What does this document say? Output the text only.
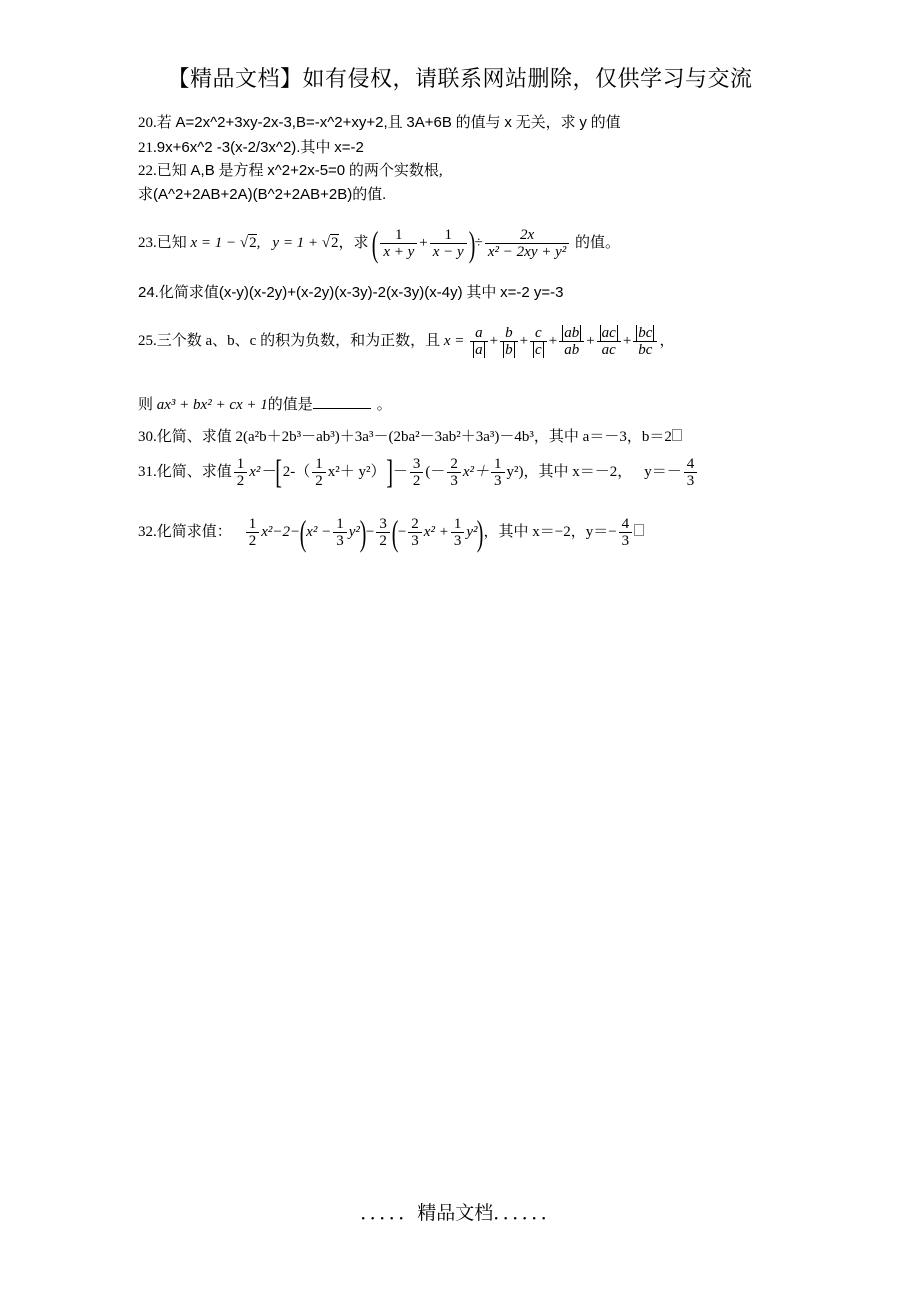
【精品文档】如有侵权，请联系网站删除，仅供学习与交流
20.若 A=2x^2+3xy-2x-3,B=-x^2+xy+2,且 3A+6B 的值与 x 无关，求 y 的值
21.9x+6x^2 -3(x-2/3x^2).其中 x=-2
22.已知 A,B 是方程 x^2+2x-5=0 的两个实数根,
求(A^2+2AB+2A)(B^2+2AB+2B)的值.
23.已知 x = 1 − √2, y = 1 + √2，求 ( $\frac{1}{x + y} + \frac{1}{x - y}$ )÷ $\frac{2x}{\text{x² − 2xy + y²}}$ 的值。
24.化简求值(x-y)(x-2y)+(x-2y)(x-3y)-2(x-3y)(x-4y) 其中 x=-2 y=-3
25.三个数 a、b、c 的积为负数，和为正数，且 $x = \frac{a}{a} + \frac{b}{b} + \frac{c}{c} + \frac{ab}{ab} + \frac{ac}{ac} + \frac{bc}{bc}$ ，
则 ax³ + bx² + cx + 1的值是	。
30.化简、求值 2(a²b＋2b³－ab³)＋3a³－(2ba²－3ab²＋3a³)－4b³，其中 a＝－3，b＝2
31.化简、求值 $\frac{1}{2} x^2-[2-( \frac{1}{2} x^2+ y^2)]- \frac{3}{2}$ (－ $\frac{2}{3} x^2+ \frac{1}{3} y^2$)，其中 x＝－2， $y=- \frac{4}{3}$
32.化简求值： $\frac{1}{2} x^2-2-(x^2 - \frac{1}{3} y^2)- \frac{3}{2}$ (− $\frac{2}{3} x^2 + \frac{1}{3} y^2$)，其中 x＝−2，$y=- \frac{4}{3}$
．．．．．精品文档．．．．．．
